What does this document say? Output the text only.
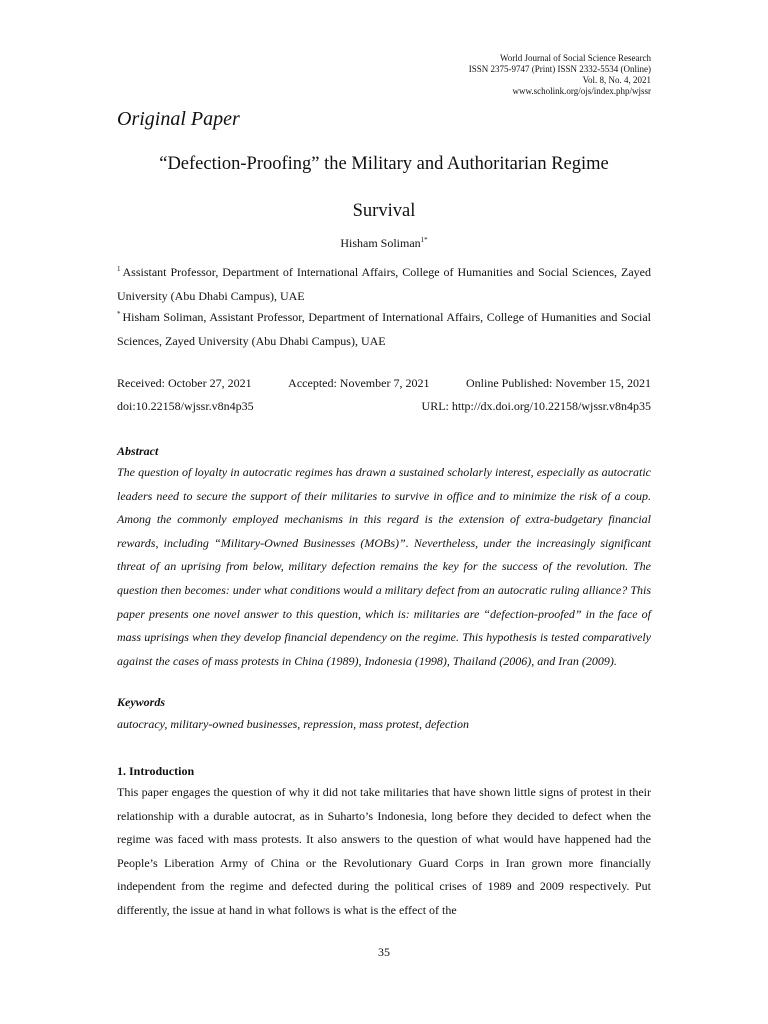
World Journal of Social Science Research
ISSN 2375-9747 (Print) ISSN 2332-5534 (Online)
Vol. 8, No. 4, 2021
www.scholink.org/ojs/index.php/wjssr
Original Paper
“Defection-Proofing” the Military and Authoritarian Regime
Survival
Hisham Soliman$^{1*}$
$^1$ Assistant Professor, Department of International Affairs, College of Humanities and Social Sciences, Zayed University (Abu Dhabi Campus), UAE
* Hisham Soliman, Assistant Professor, Department of International Affairs, College of Humanities and Social Sciences, Zayed University (Abu Dhabi Campus), UAE
Received: October 27, 2021	Accepted: November 7, 2021	Online Published: November 15, 2021
doi:10.22158/wjssr.v8n4p35	URL: http://dx.doi.org/10.22158/wjssr.v8n4p35
Abstract
The question of loyalty in autocratic regimes has drawn a sustained scholarly interest, especially as autocratic leaders need to secure the support of their militaries to survive in office and to minimize the risk of a coup. Among the commonly employed mechanisms in this regard is the extension of extra-budgetary financial rewards, including “Military-Owned Businesses (MOBs)”. Nevertheless, under the increasingly significant threat of an uprising from below, military defection remains the key for the success of the revolution. The question then becomes: under what conditions would a military defect from an autocratic ruling alliance? This paper presents one novel answer to this question, which is: militaries are “defection-proofed” in the face of mass uprisings when they develop financial dependency on the regime. This hypothesis is tested comparatively against the cases of mass protests in China (1989), Indonesia (1998), Thailand (2006), and Iran (2009).
Keywords
autocracy, military-owned businesses, repression, mass protest, defection
1. Introduction
This paper engages the question of why it did not take militaries that have shown little signs of protest in their relationship with a durable autocrat, as in Suharto’s Indonesia, long before they decided to defect when the regime was faced with mass protests. It also answers to the question of what would have happened had the People’s Liberation Army of China or the Revolutionary Guard Corps in Iran grown more financially independent from the regime and defected during the political crises of 1989 and 2009 respectively. Put differently, the issue at hand in what follows is what is the effect of the
35
